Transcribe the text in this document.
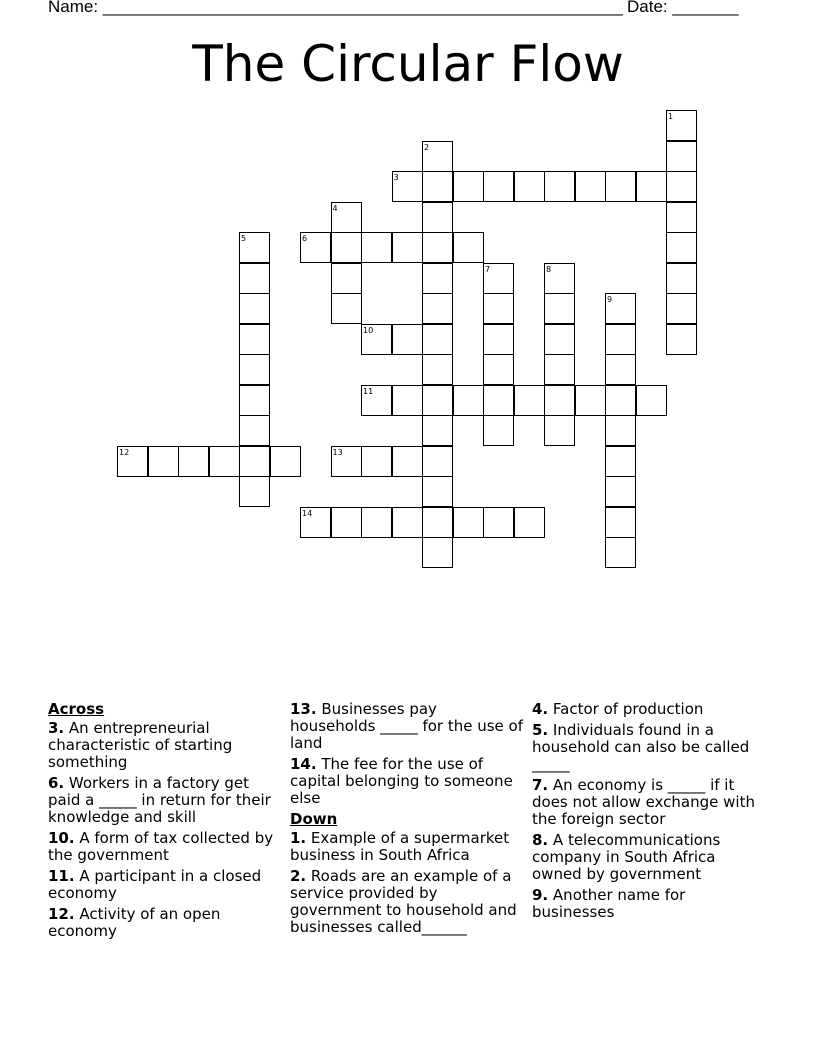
Name: _______________________________________________________ Date: _______
The Circular Flow
1
2
3
4
5	6
7	8
9
10
11
12	13
14
Across
3. An entrepreneurial characteristic of starting something
6. Workers in a factory get paid a _____ in return for their knowledge and skill
10. A form of tax collected by the government
11. A participant in a closed economy
12. Activity of an open economy
13. Businesses pay households _____ for the use of land
14. The fee for the use of capital belonging to someone else
Down
1. Example of a supermarket business in South Africa
2. Roads are an example of a service provided by government to household and businesses called______
4. Factor of production
5. Individuals found in a household can also be called _____
7. An economy is _____ if it does not allow exchange with the foreign sector
8. A telecommunications company in South Africa owned by government
9. Another name for businesses
